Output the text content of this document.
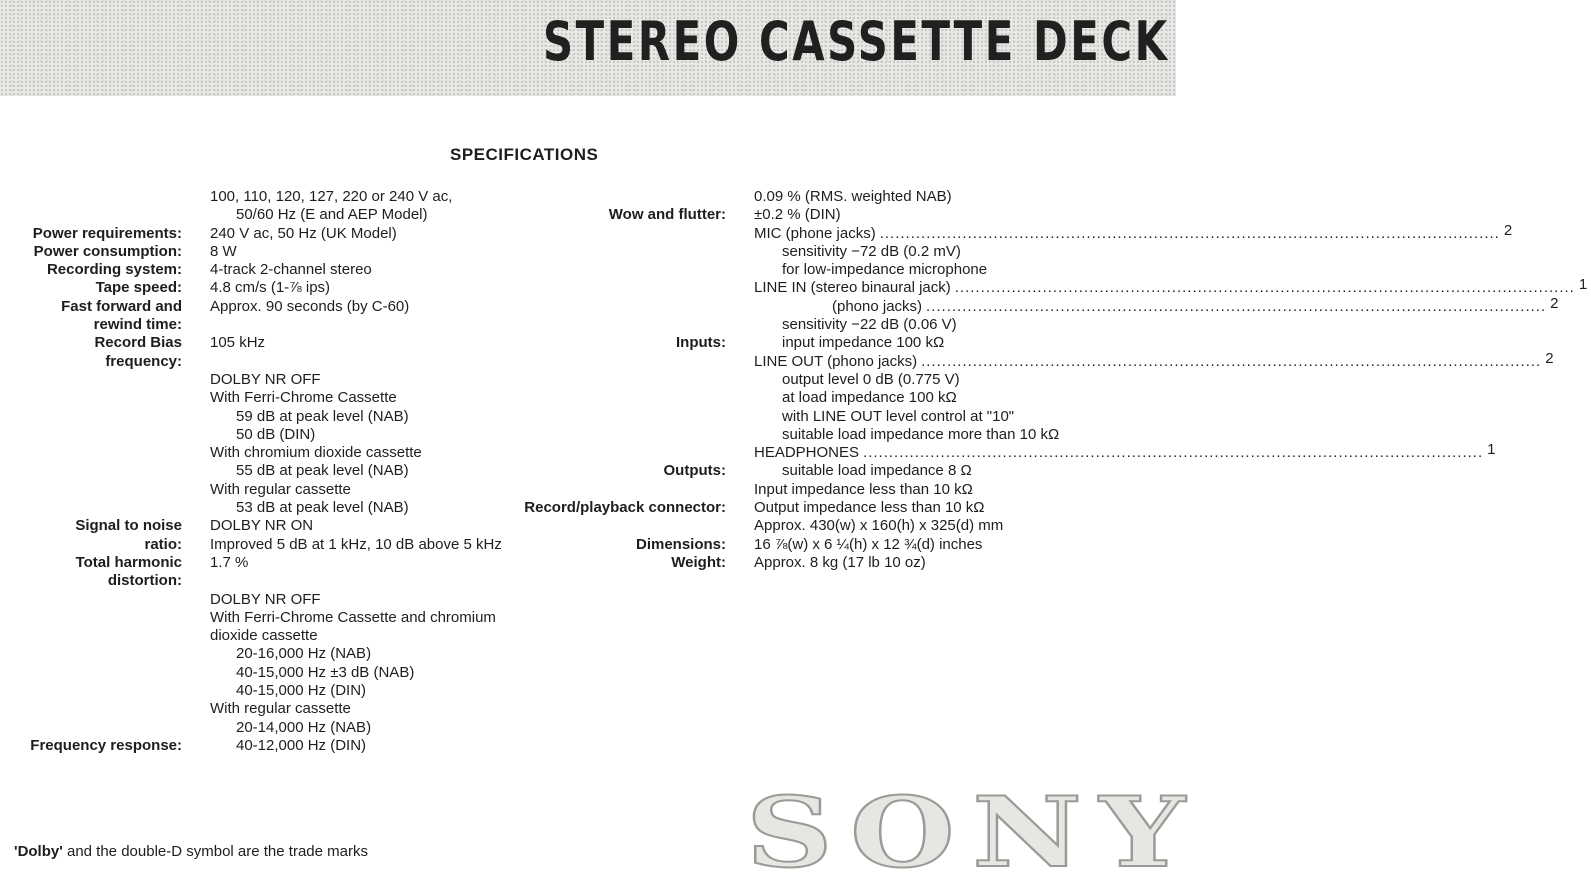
STEREO CASSETTE DECK
SPECIFICATIONS
Power requirements:
100, 110, 120, 127, 220 or 240 V ac,
50/60 Hz (E and AEP Model)
240 V ac, 50 Hz (UK Model)
Power consumption: 8 W
Recording system: 4-track 2-channel stereo
Tape speed: 4.8 cm/s (1-⅞ ips)
Fast forward and
rewind time:
Approx. 90 seconds (by C-60)
Record Bias
frequency:
105 kHz
Signal to noise
ratio:
DOLBY NR OFF
With Ferri-Chrome Cassette
59 dB at peak level (NAB)
50 dB (DIN)
With chromium dioxide cassette
55 dB at peak level (NAB)
With regular cassette
53 dB at peak level (NAB)
DOLBY NR ON
Improved 5 dB at 1 kHz, 10 dB above 5 kHz
Total harmonic
distortion:
1.7 %
Frequency response:
DOLBY NR OFF
With Ferri-Chrome Cassette and chromium
dioxide cassette
20-16,000 Hz (NAB)
40-15,000 Hz ±3 dB (NAB)
40-15,000 Hz (DIN)
With regular cassette
20-14,000 Hz (NAB)
40-12,000 Hz (DIN)
Wow and flutter:
0.09 % (RMS. weighted NAB)
±0.2 % (DIN)
Inputs:
MIC (phone jacks) ........................................................................................................................ 2
sensitivity −72 dB (0.2 mV)
for low-impedance microphone
LINE IN (stereo binaural jack) ........................................................................................................................ 1
(phono jacks) ........................................................................................................................ 2
sensitivity −22 dB (0.06 V)
input impedance 100 kΩ
Outputs:
LINE OUT (phono jacks) ........................................................................................................................ 2
output level 0 dB (0.775 V)
at load impedance 100 kΩ
with LINE OUT level control at "10"
suitable load impedance more than 10 kΩ
HEADPHONES ........................................................................................................................ 1
suitable load impedance 8 Ω
Record/playback connector:
Input impedance less than 10 kΩ
Output impedance less than 10 kΩ
Dimensions:
Approx. 430(w) x 160(h) x 325(d) mm
16 ⅞(w) x 6 ¼(h) x 12 ¾(d) inches
Weight: Approx. 8 kg (17 lb 10 oz)
'Dolby' and the double-D symbol are the trade marks	SONY
